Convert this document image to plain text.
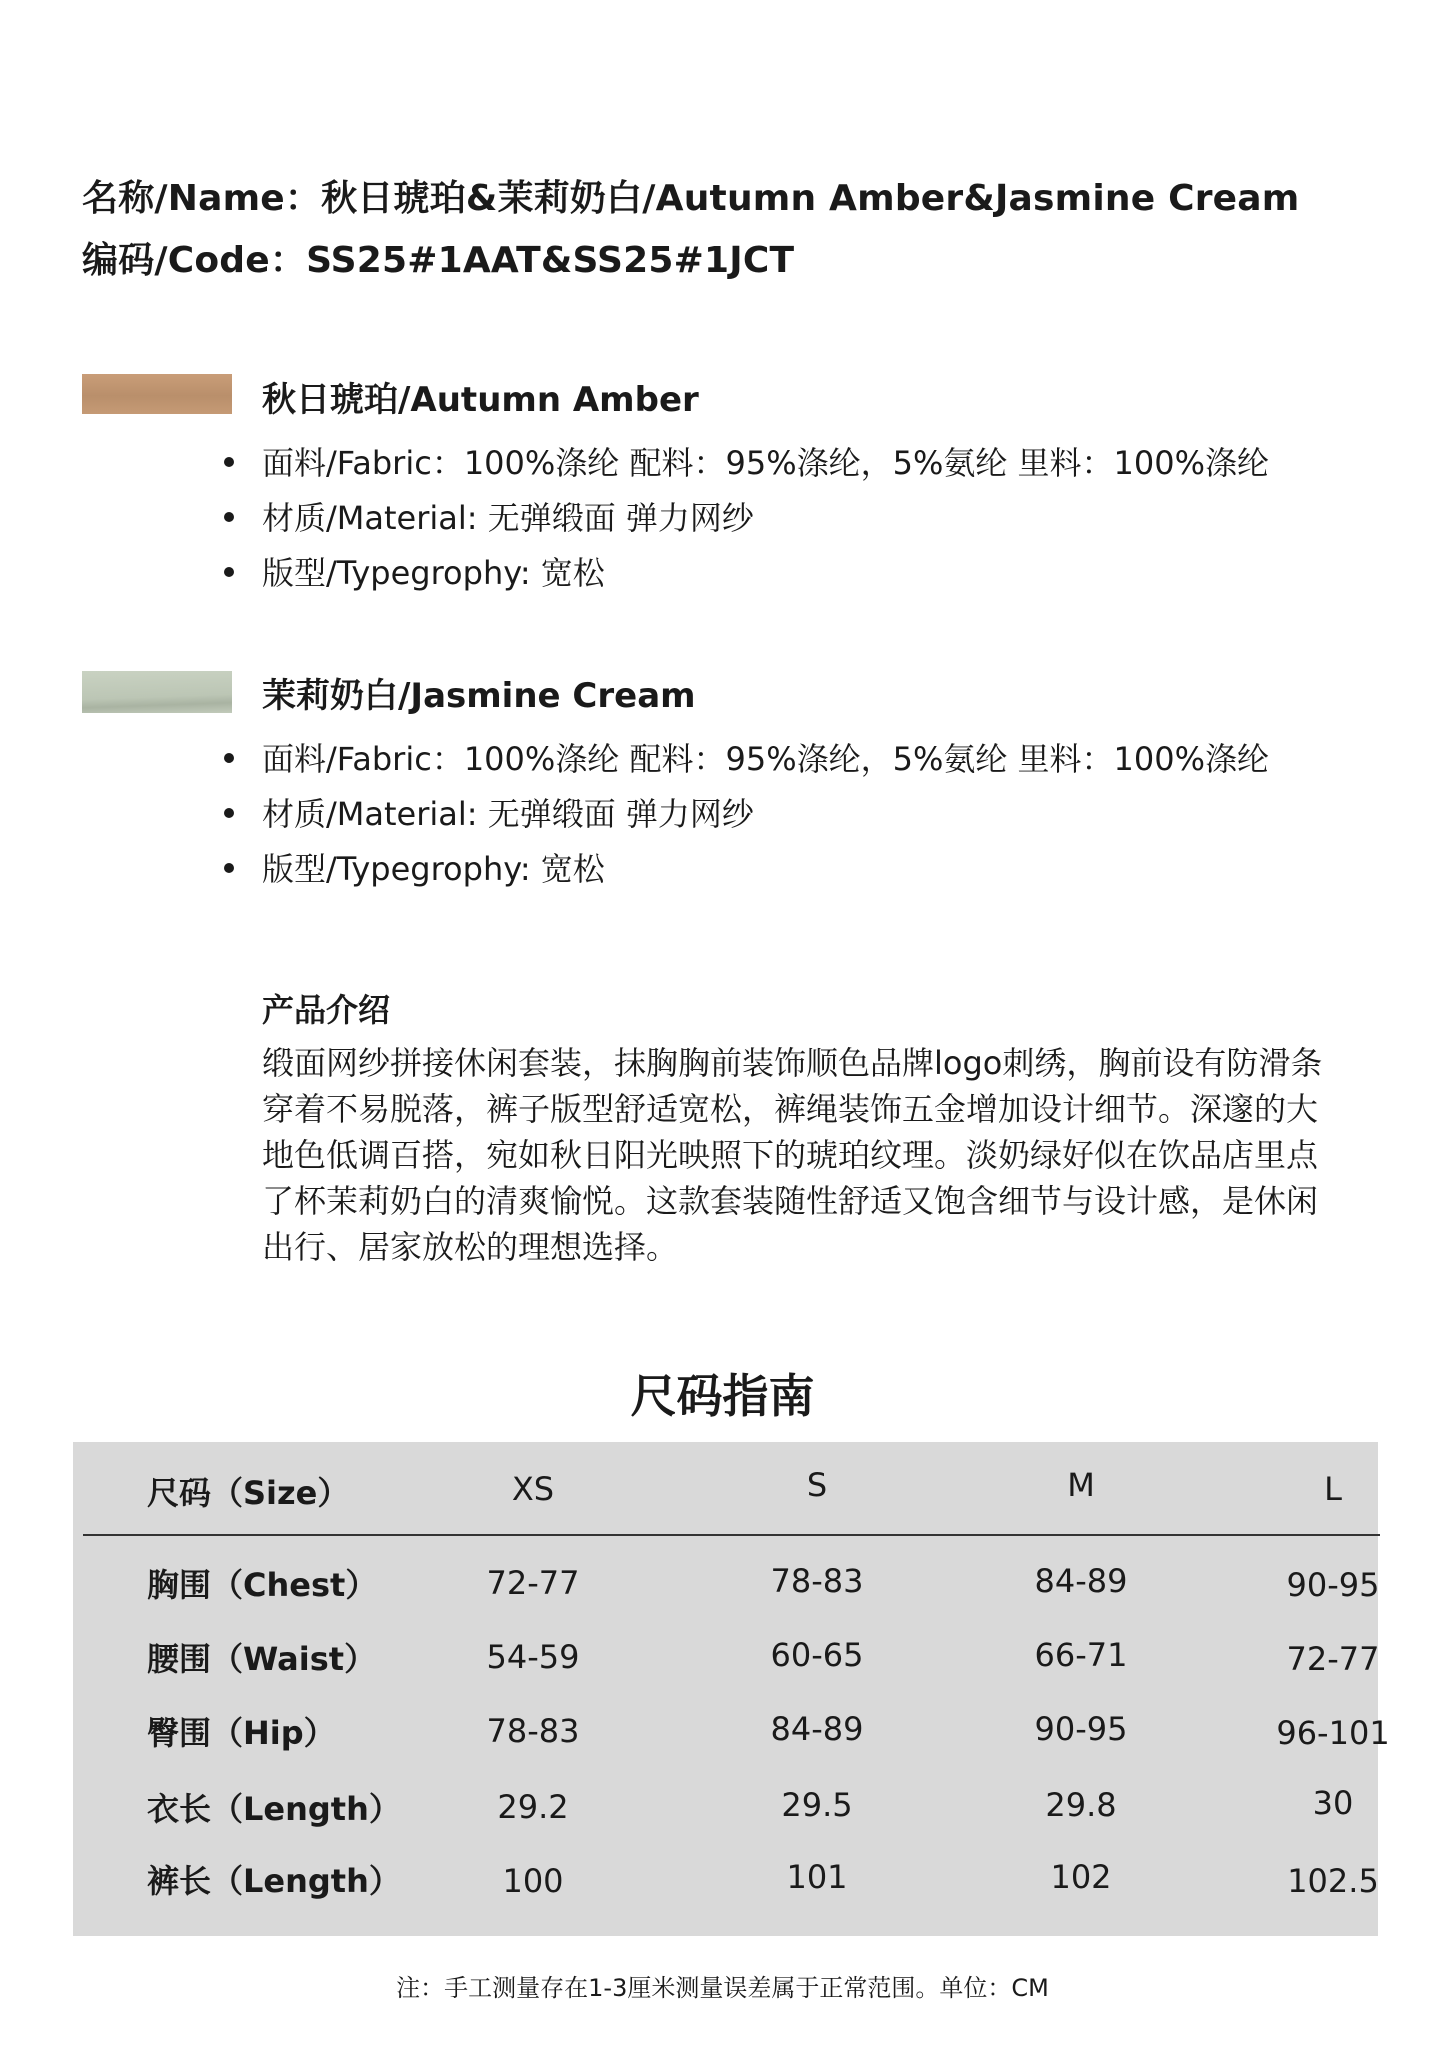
名称/Name：秋日琥珀&茉莉奶白/Autumn Amber&Jasmine Cream
编码/Code：SS25#1AAT&SS25#1JCT
秋日琥珀/Autumn Amber
面料/Fabric：100%涤纶 配料：95%涤纶，5%氨纶 里料：100%涤纶
材质/Material: 无弹缎面 弹力网纱
版型/Typegrophy: 宽松
茉莉奶白/Jasmine Cream
面料/Fabric：100%涤纶 配料：95%涤纶，5%氨纶 里料：100%涤纶
材质/Material: 无弹缎面 弹力网纱
版型/Typegrophy: 宽松
产品介绍
缎面网纱拼接休闲套装，抹胸胸前装饰顺色品牌logo刺绣，胸前设有防滑条
穿着不易脱落，裤子版型舒适宽松，裤绳装饰五金增加设计细节。深邃的大
地色低调百搭，宛如秋日阳光映照下的琥珀纹理。淡奶绿好似在饮品店里点
了杯茉莉奶白的清爽愉悦。这款套装随性舒适又饱含细节与设计感，是休闲
出行、居家放松的理想选择。
尺码指南
尺码（Size）	XS	S	M	L
胸围（Chest）	72-77	78-83	84-89	90-95
腰围（Waist）	54-59	60-65	66-71	72-77
臀围（Hip）	78-83	84-89	90-95	96-101
衣长（Length）	29.2	29.5	29.8	30
裤长（Length）	100	101	102	102.5
注：手工测量存在1-3厘米测量误差属于正常范围。单位：CM
